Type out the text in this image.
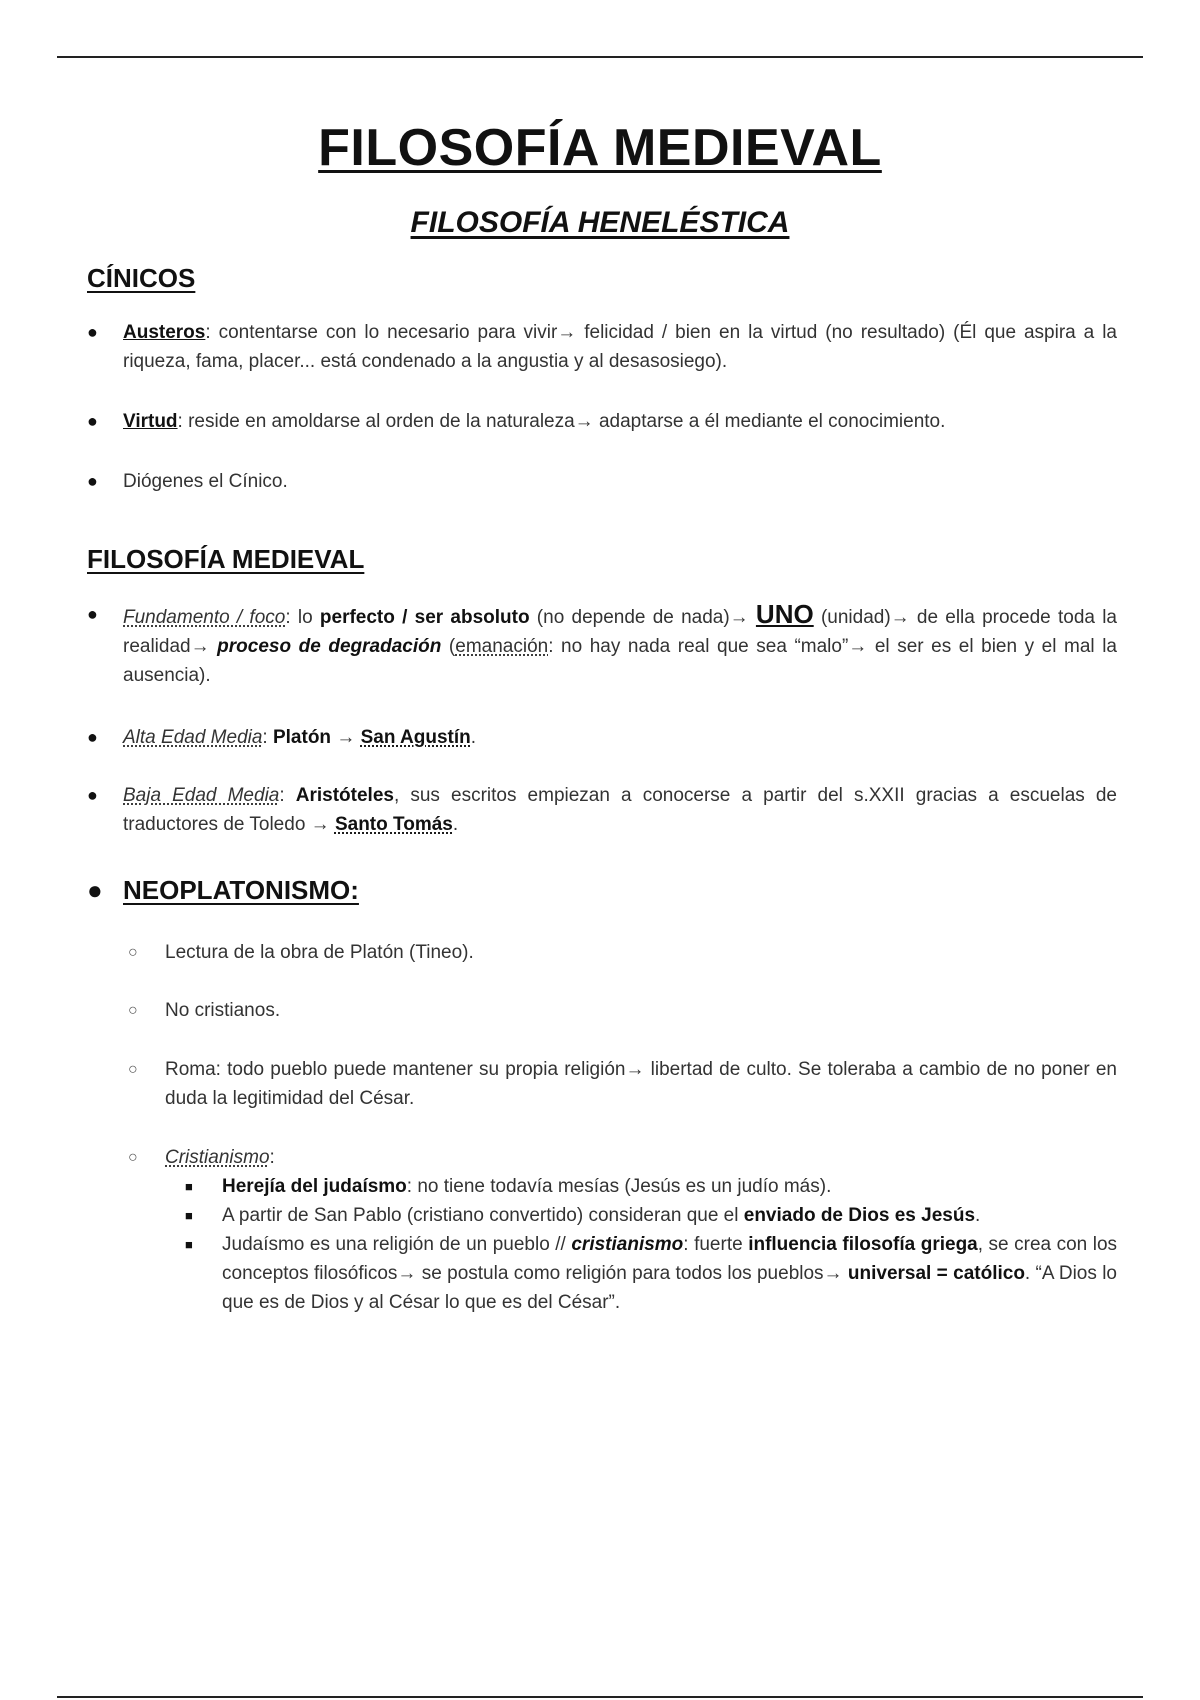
FILOSOFÍA MEDIEVAL
FILOSOFÍA HENELÉSTICA
CÍNICOS
●	Austeros: contentarse con lo necesario para vivir→ felicidad / bien en la virtud (no resultado) (Él que aspira a la riqueza, fama, placer... está condenado a la angustia y al desasosiego).
●	Virtud: reside en amoldarse al orden de la naturaleza→ adaptarse a él mediante el conocimiento.
●	Diógenes el Cínico.
FILOSOFÍA MEDIEVAL
●	Fundamento / foco: lo perfecto / ser absoluto (no depende de nada)→ UNO (unidad)→ de ella procede toda la realidad→ proceso de degradación (emanación: no hay nada real que sea “malo”→ el ser es el bien y el mal la ausencia).
●	Alta Edad Media: Platón → San Agustín.
●	Baja Edad Media: Aristóteles, sus escritos empiezan a conocerse a partir del s.XXII gracias a escuelas de traductores de Toledo → Santo Tomás.
● NEOPLATONISMO:
○	Lectura de la obra de Platón (Tineo).
○	No cristianos.
○	Roma: todo pueblo puede mantener su propia religión→ libertad de culto. Se toleraba a cambio de no poner en duda la legitimidad del César.
○	Cristianismo:
■ Herejía del judaísmo: no tiene todavía mesías (Jesús es un judío más).
■ A partir de San Pablo (cristiano convertido) consideran que el enviado de Dios es Jesús.
■ Judaísmo es una religión de un pueblo // cristianismo: fuerte influencia filosofía griega, se crea con los conceptos filosóficos→ se postula como religión para todos los pueblos→ universal = católico. “A Dios lo que es de Dios y al César lo que es del César”.
